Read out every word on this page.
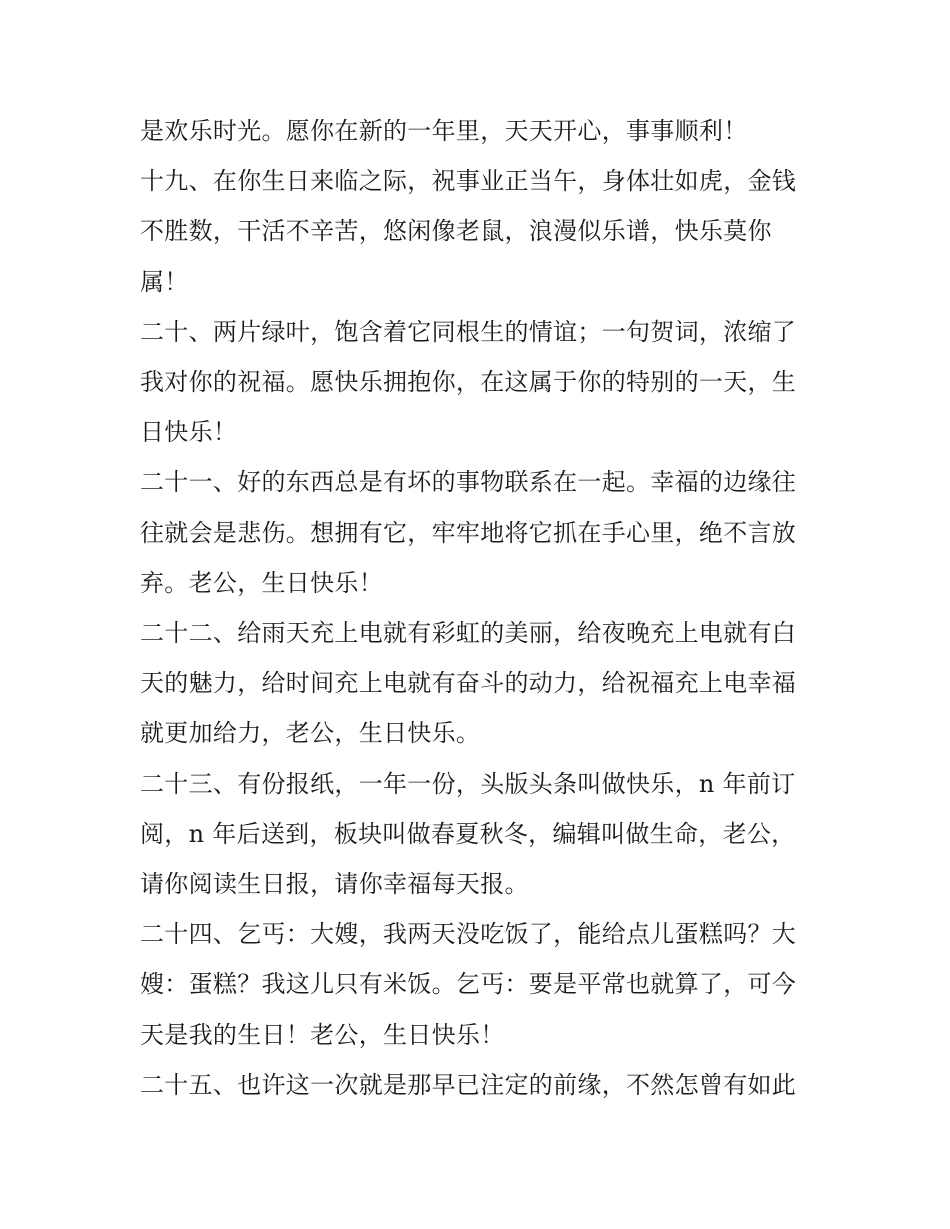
是欢乐时光。愿你在新的一年里，天天开心，事事顺利！

十九、在你生日来临之际，祝事业正当午，身体壮如虎，金钱
不胜数，干活不辛苦，悠闲像老鼠，浪漫似乐谱，快乐莫你
属！

二十、两片绿叶，饱含着它同根生的情谊；一句贺词，浓缩了
我对你的祝福。愿快乐拥抱你，在这属于你的特别的一天，生
日快乐！

二十一、好的东西总是有坏的事物联系在一起。幸福的边缘往
往就会是悲伤。想拥有它，牢牢地将它抓在手心里，绝不言放
弃。老公，生日快乐！

二十二、给雨天充上电就有彩虹的美丽，给夜晚充上电就有白
天的魅力，给时间充上电就有奋斗的动力，给祝福充上电幸福
就更加给力，老公，生日快乐。

二十三、有份报纸，一年一份，头版头条叫做快乐，n 年前订
阅，n 年后送到，板块叫做春夏秋冬，编辑叫做生命，老公，
请你阅读生日报，请你幸福每天报。

二十四、乞丐：大嫂，我两天没吃饭了，能给点儿蛋糕吗？大
嫂：蛋糕？我这儿只有米饭。乞丐：要是平常也就算了，可今
天是我的生日！老公，生日快乐！

二十五、也许这一次就是那早已注定的前缘，不然怎曾有如此
